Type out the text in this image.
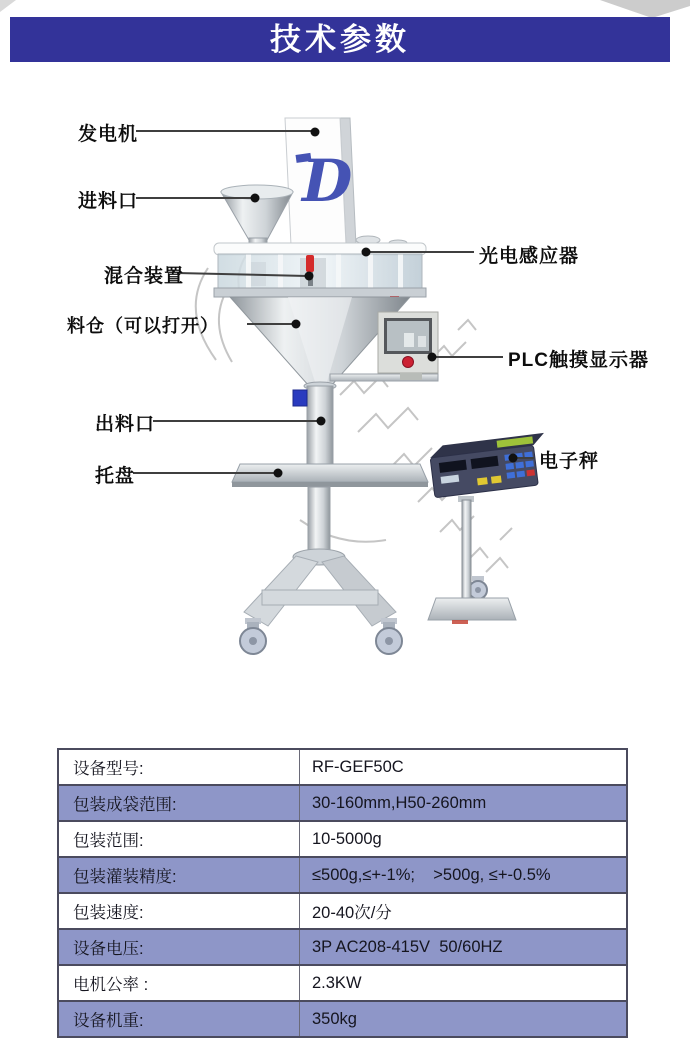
D
技术参数
发电机
进料口
混合装置
料仓（可以打开）
出料口
托盘
光电感应器
PLC触摸显示器
电子秤
设备型号:	RF-GEF50C
包装成袋范围:	30-160mm,H50-260mm
包装范围:	10-5000g
包装灌装精度:	≤500g,≤+-1%;    >500g, ≤+-0.5%
包装速度:	20-40次/分
设备电压:	3P AC208-415V  50/60HZ
电机公率 :	2.3KW
设备机重:	350kg
